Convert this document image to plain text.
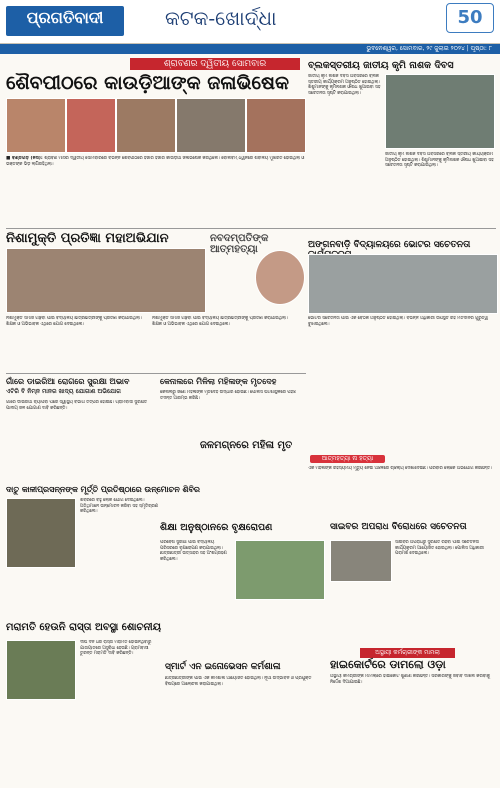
ପ୍ରଗତିବାଦୀ
PRAGATIVADI
କଟକ-ଖୋର୍ଦ୍ଧା	50
ଭୁବନେଶ୍ୱର, ସୋମବାର, ୨୯ ଜୁଲାଇ ୨୦୨୪ | ପୃଷ୍ଠା: ୮
ଶ୍ରାବଣର ଦ୍ୱିତୀୟ ସୋମବାର
ଶୈବପୀଠରେ କାଉଡ଼ିଆଙ୍କ ଜଳାଭିଷେକ
■ ବଣ୍ଡଗଡ଼ (ନିସ): ଶ୍ରାବଣ ମାସର ଦ୍ୱିତୀୟ ସୋମବାରରେ ବିଭିନ୍ନ ଶୈବପୀଠରେ ହଜାର ହଜାର କାଉଡ଼ିଆ ଜଳାଭିଷେକ କରିଥିଲେ। ବୋଲବମ୍ ଧ୍ୱନିରେ ଶିବାଳୟ ମୁଖରିତ ହୋଇଥିଲା ଓ ଭକ୍ତଙ୍କ ଭିଡ଼ ଲାଗିରହିଥିଲା।
ବ୍ଲକସ୍ତରୀୟ ଜାତୀୟ କୃମି ନାଶକ ଦିବସ
ଜାତୀୟ କୃମି ନାଶକ ଦିବସ ଅବସରରେ ବ୍ଲକ ସ୍ତରୀୟ କାର୍ଯ୍ୟକ୍ରମ ଅନୁଷ୍ଠିତ ହୋଇଥିଲା। ଶିଶୁମାନଙ୍କୁ କୃମିନାଶକ ଔଷଧ ଖୁଆଇବା ସହ ସଚେତନତା ସୃଷ୍ଟି କରାଯାଇଥିଲା।
ଜାତୀୟ କୃମି ନାଶକ ଦିବସ ଅବସରରେ ବ୍ଲକ ସ୍ତରୀୟ କାର୍ଯ୍ୟକ୍ରମ ଅନୁଷ୍ଠିତ ହୋଇଥିଲା। ଶିଶୁମାନଙ୍କୁ କୃମିନାଶକ ଔଷଧ ଖୁଆଇବା ସହ ସଚେତନତା ସୃଷ୍ଟି କରାଯାଇଥିଲା।
ନିଶାମୁକ୍ତି ପ୍ରତିଜ୍ଞା ମହାଅଭିଯାନ	ନବଦମ୍ପତିଙ୍କ ଆତ୍ମହତ୍ୟା
ନିଶାମୁକ୍ତ ସମାଜ ଗଢ଼ିବା ପାଇଁ ବିଦ୍ୟାଳୟ ଛାତ୍ରଛାତ୍ରୀଙ୍କୁ ପ୍ରତିଜ୍ଞା କରାଯାଇଥିଲା। ଶିକ୍ଷକ ଓ ଅଭିଭାବକ ଏଥିରେ ଯୋଗ ଦେଇଥିଲେ।
ନିଶାମୁକ୍ତ ସମାଜ ଗଢ଼ିବା ପାଇଁ ବିଦ୍ୟାଳୟ ଛାତ୍ରଛାତ୍ରୀଙ୍କୁ ପ୍ରତିଜ୍ଞା କରାଯାଇଥିଲା। ଶିକ୍ଷକ ଓ ଅଭିଭାବକ ଏଥିରେ ଯୋଗ ଦେଇଥିଲେ।
ଅଙ୍ଗନବାଡ଼ି ବିଦ୍ୟାଳୟରେ ଭୋଟର ସଚେତନତା
ଭୋଟର ସଚେତନତା ପାଇଁ ଏକ ବୈଠକ ଅନୁଷ୍ଠିତ ହୋଇଥିଲା। ବିଭିନ୍ନ ଅଧିକାରୀ ଉପସ୍ଥିତ ରହି ମତଦାନର ଗୁରୁତ୍ୱ ବୁଝାଇଥିଲେ।
ଗାଁରେ ଡାଇରିଆ ରୋଗରେ ସୁରକ୍ଷା ଅଭାବ
ଏଟିରି ବି ନିମ୍ନ ମାନର ଖାଦ୍ୟ ଯୋଗାଣ ଅଭିଯୋଗ
ଗାଁରେ ଡାଇରିଆ ବ୍ୟାପିବା ପରେ ସ୍ୱାସ୍ଥ୍ୟ ବିଭାଗ ତତ୍ପର ହୋଇଛି। ଗ୍ରାମବାସୀ ସୁରକ୍ଷିତ ପାନୀୟ ଜଳ ଯୋଗାଣ ଦାବି କରିଛନ୍ତି।
କେନାଲରେ ମିଳିଲା ମହିଳାଙ୍କ ମୃତଦେହ
କେନାଲରୁ ଜଣେ ମହିଳାଙ୍କ ମୃତଦେହ ଉଦ୍ଧାର ହୋଇଛି। ପୋଲିସ ଘଟଣାସ୍ଥଳରେ ପହଞ୍ଚି ତଦନ୍ତ ଆରମ୍ଭ କରିଛି।
ଜଳମଗ୍ନରେ ମହିଳା ମୃତ
ଆତ୍ମହତ୍ୟା ନା ହତ୍ୟା
ଏକ ମହିଳାଙ୍କ ରହସ୍ୟମୟ ମୃତ୍ୟୁ ନେଇ ଅଞ୍ଚଳରେ ଚାଞ୍ଚଲ୍ୟ ଦେଖାଦେଇଛି। ପରିବାର ଲୋକେ ଅଭିଯୋଗ କରିଛନ୍ତି।
ଦାତୁ କାଳୀପ୍ରସନ୍ନଙ୍କ ମୂର୍ତ୍ତି ପ୍ରତିଷ୍ଠାରେ ଉନ୍ମୋଚନ ଶିବିର
ଶିବିରରେ ବହୁ ଲୋକ ଯୋଗ ଦେଇଥିଲେ। ଅତିଥିମାନେ ଉନ୍ମୋଚନ କରିବା ସହ ସ୍ମୃତିଚାରଣ କରିଥିଲେ।
ଶିକ୍ଷା ଅନୁଷ୍ଠାନରେ ବୃକ୍ଷରୋପଣ
ପରିବେଶ ସୁରକ୍ଷା ପାଇଁ ବିଦ୍ୟାଳୟ ପରିସରରେ ବୃକ୍ଷରୋପଣ କରାଯାଇଥିଲା। ଛାତ୍ରଛାତ୍ରୀ ଉତ୍ସାହର ସହ ଅଂଶଗ୍ରହଣ କରିଥିଲେ।
ସାଇବର ଅପରାଧ ବିରୋଧରେ ସଚେତନତା
ସାଇବର ଅପରାଧରୁ ସୁରକ୍ଷିତ ରହିବା ପାଇଁ ସଚେତନତା କାର୍ଯ୍ୟକ୍ରମ ଆୟୋଜିତ ହୋଇଥିଲା। ପୋଲିସ ଅଧିକାରୀ ପରାମର୍ଶ ଦେଇଥିଲେ।
ମରାମତି ହେଉନି ରାସ୍ତା ଅବସ୍ଥା ଶୋଚନୀୟ
ଦୀର୍ଘ ଦିନ ଧରି ରାସ୍ତା ମରାମତି ହୋଇନଥିବାରୁ ଯାତାୟାତରେ ଅସୁବିଧା ହେଉଛି। ଗ୍ରାମବାସୀ ତୁରନ୍ତ ମରାମତି ଦାବି କରିଛନ୍ତି।
ସ୍ମାର୍ଟ ଏନ ଇନୋଭେସନ କର୍ମଶାଳା
ଛାତ୍ରଛାତ୍ରୀଙ୍କ ପାଇଁ ଏକ କର୍ମଶାଳା ଆୟୋଜିତ ହୋଇଥିଲା। ନୂଆ ଉଦ୍ଭାବନ ଓ ପ୍ରଯୁକ୍ତି ବିଷୟରେ ଆଲୋଚନା କରାଯାଇଥିଲା।
ଅସ୍ଥାୟୀ କର୍ମଚାରୀଙ୍କ ମାମଲା
ହାଇକୋର୍ଟରେ ଡାମଲୋ ଓଡ଼ା
ଅସ୍ଥାୟୀ କର୍ମଚାରୀଙ୍କ ମାମଲାରେ ହାଇକୋର୍ଟ ଶୁଣାଣି କରିଛନ୍ତି। ସରକାରଙ୍କୁ ଜବାବ ଦାଖଲ କରିବାକୁ ନିର୍ଦ୍ଦେଶ ଦିଆଯାଇଛି।
